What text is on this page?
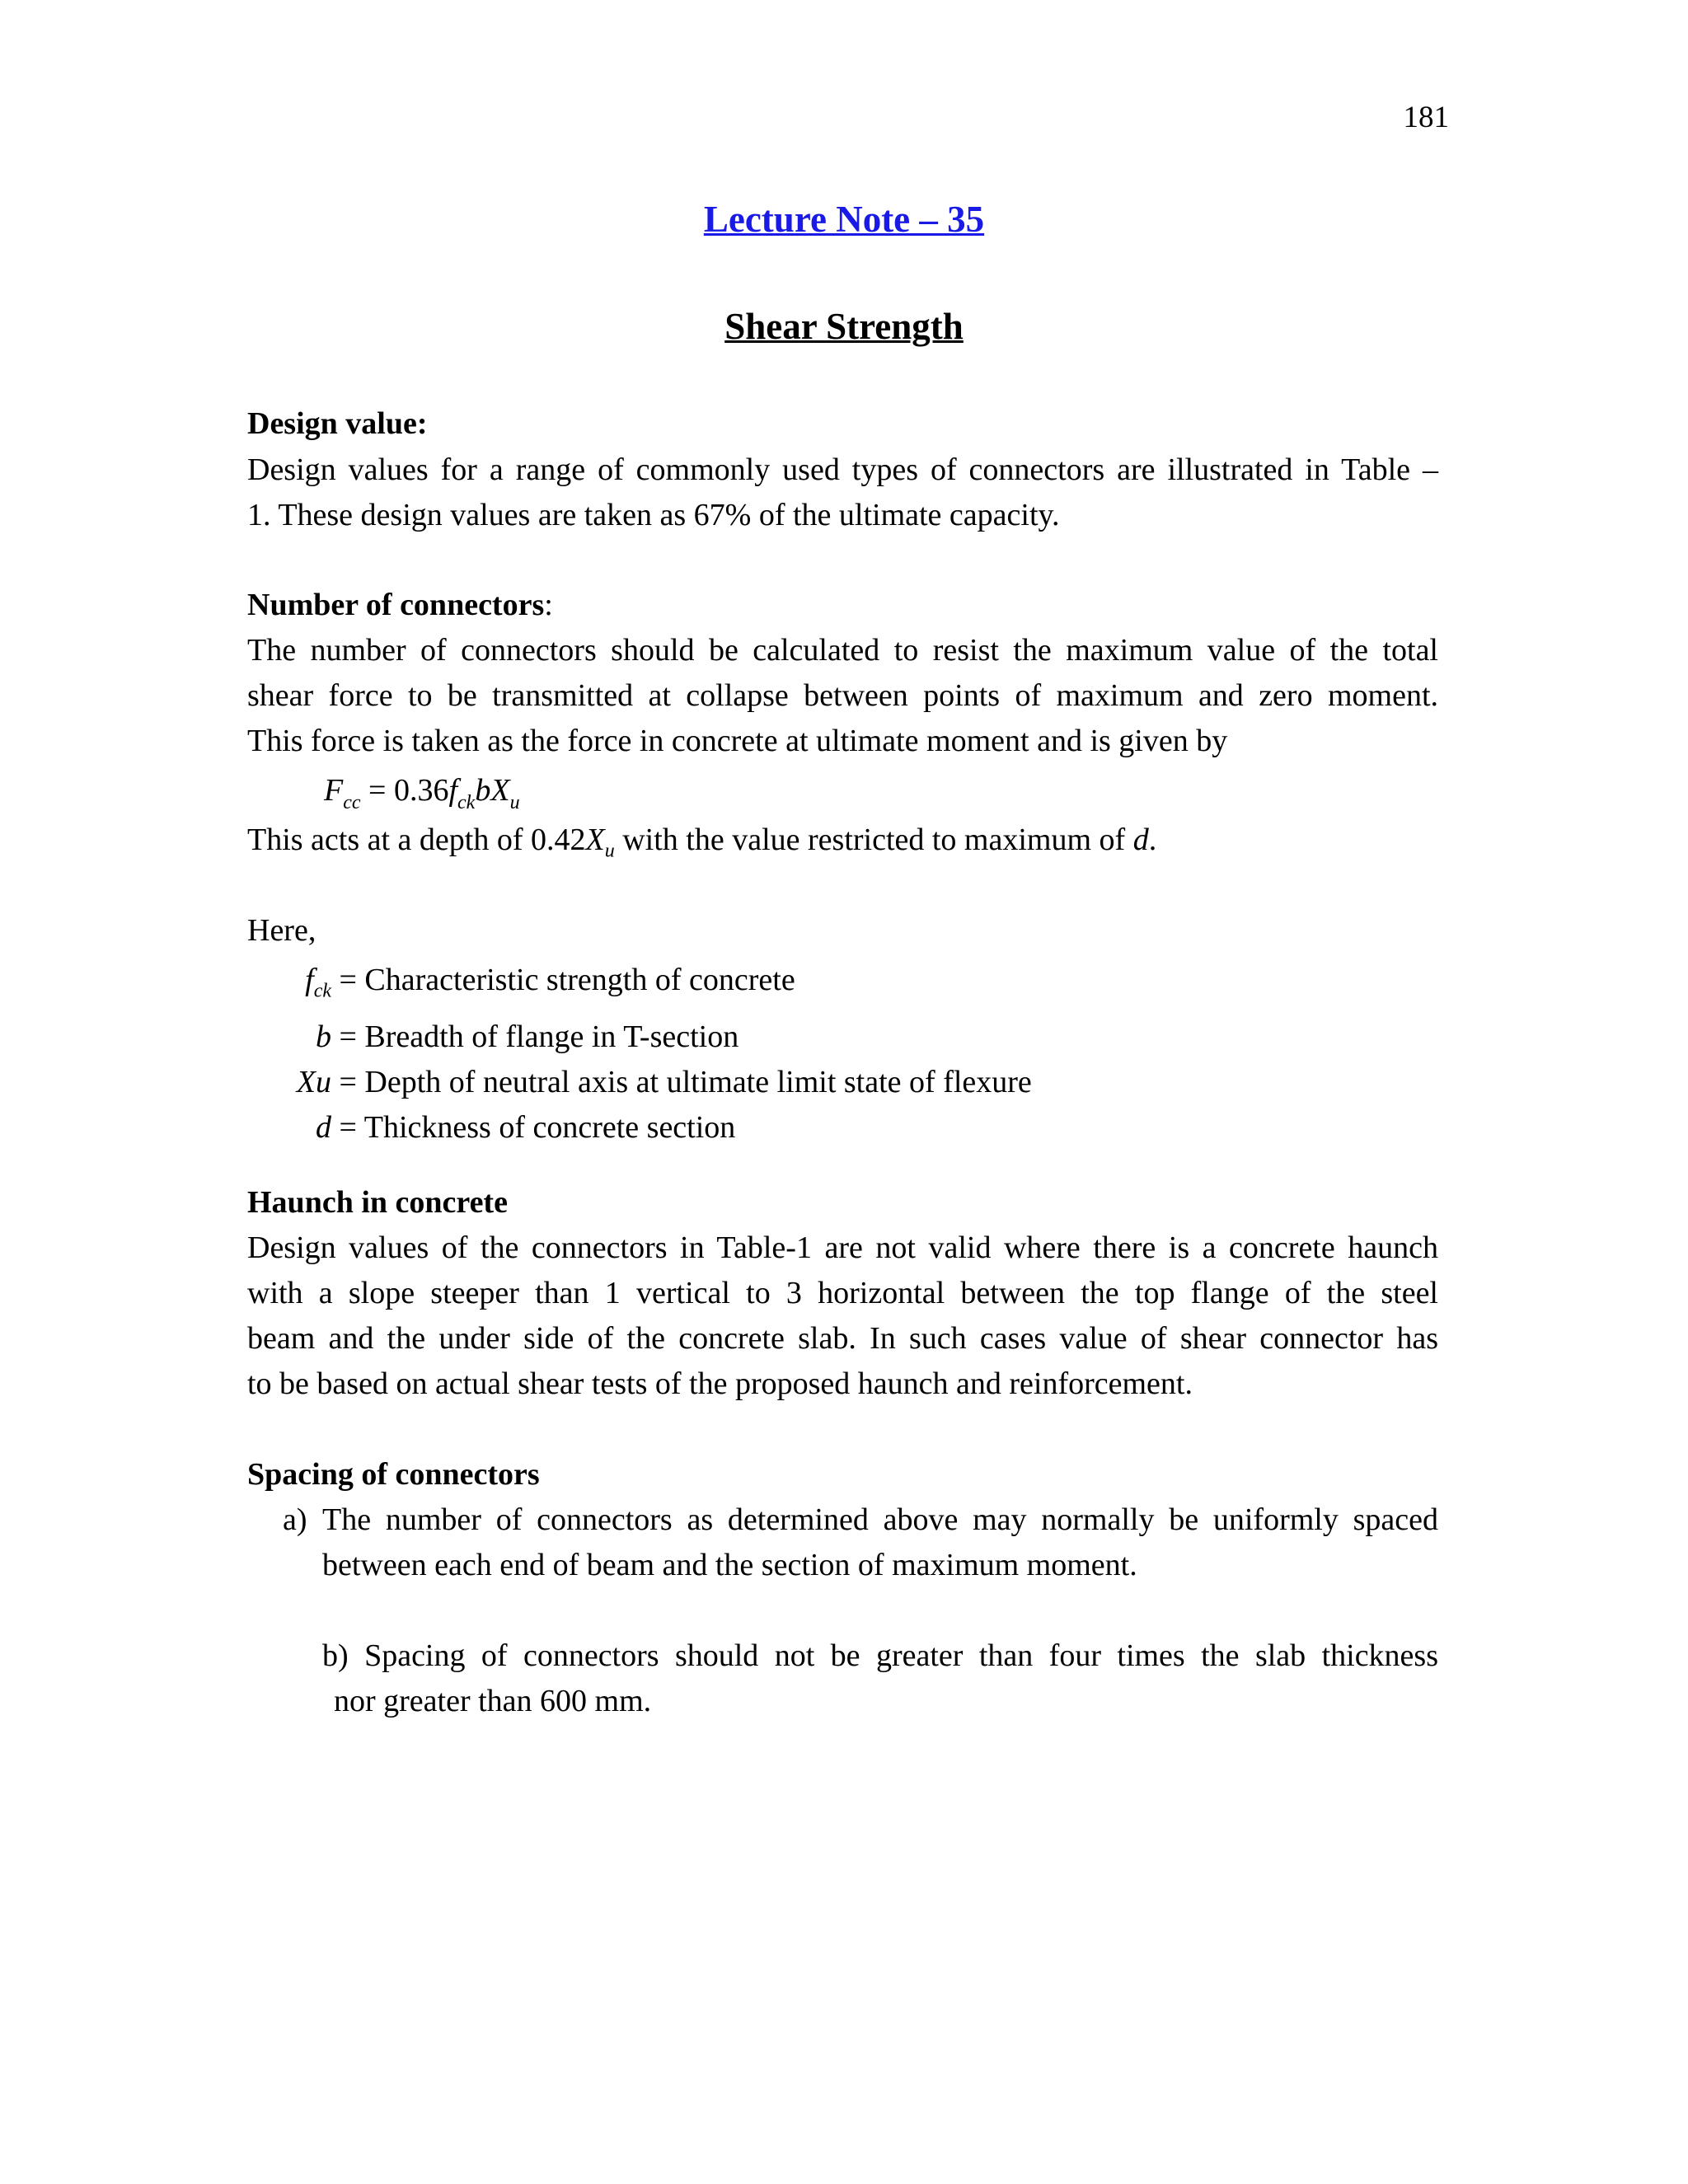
181
Lecture Note – 35
Shear Strength
Design value:
Design values for a range of commonly used types of connectors are illustrated in Table –
1. These design values are taken as 67% of the ultimate capacity.
Number of connectors:
The number of connectors should be calculated to resist the maximum value of the total
shear force to be transmitted at collapse between points of maximum and zero moment.
This force is taken as the force in concrete at ultimate moment and is given by
$F_{cc} = 0.36f_{ck}bX_u$
This acts at a depth of $0.42X_u$ with the value restricted to maximum of d.
Here,
$f_{ck}$ = Characteristic strength of concrete
b = Breadth of flange in T-section
Xu = Depth of neutral axis at ultimate limit state of flexure
d = Thickness of concrete section
Haunch in concrete
Design values of the connectors in Table-1 are not valid where there is a concrete haunch
with a slope steeper than 1 vertical to 3 horizontal between the top flange of the steel
beam and the under side of the concrete slab. In such cases value of shear connector has
to be based on actual shear tests of the proposed haunch and reinforcement.
Spacing of connectors
a) The number of connectors as determined above may normally be uniformly spaced
between each end of beam and the section of maximum moment.
b) Spacing of connectors should not be greater than four times the slab thickness
nor greater than 600 mm.
